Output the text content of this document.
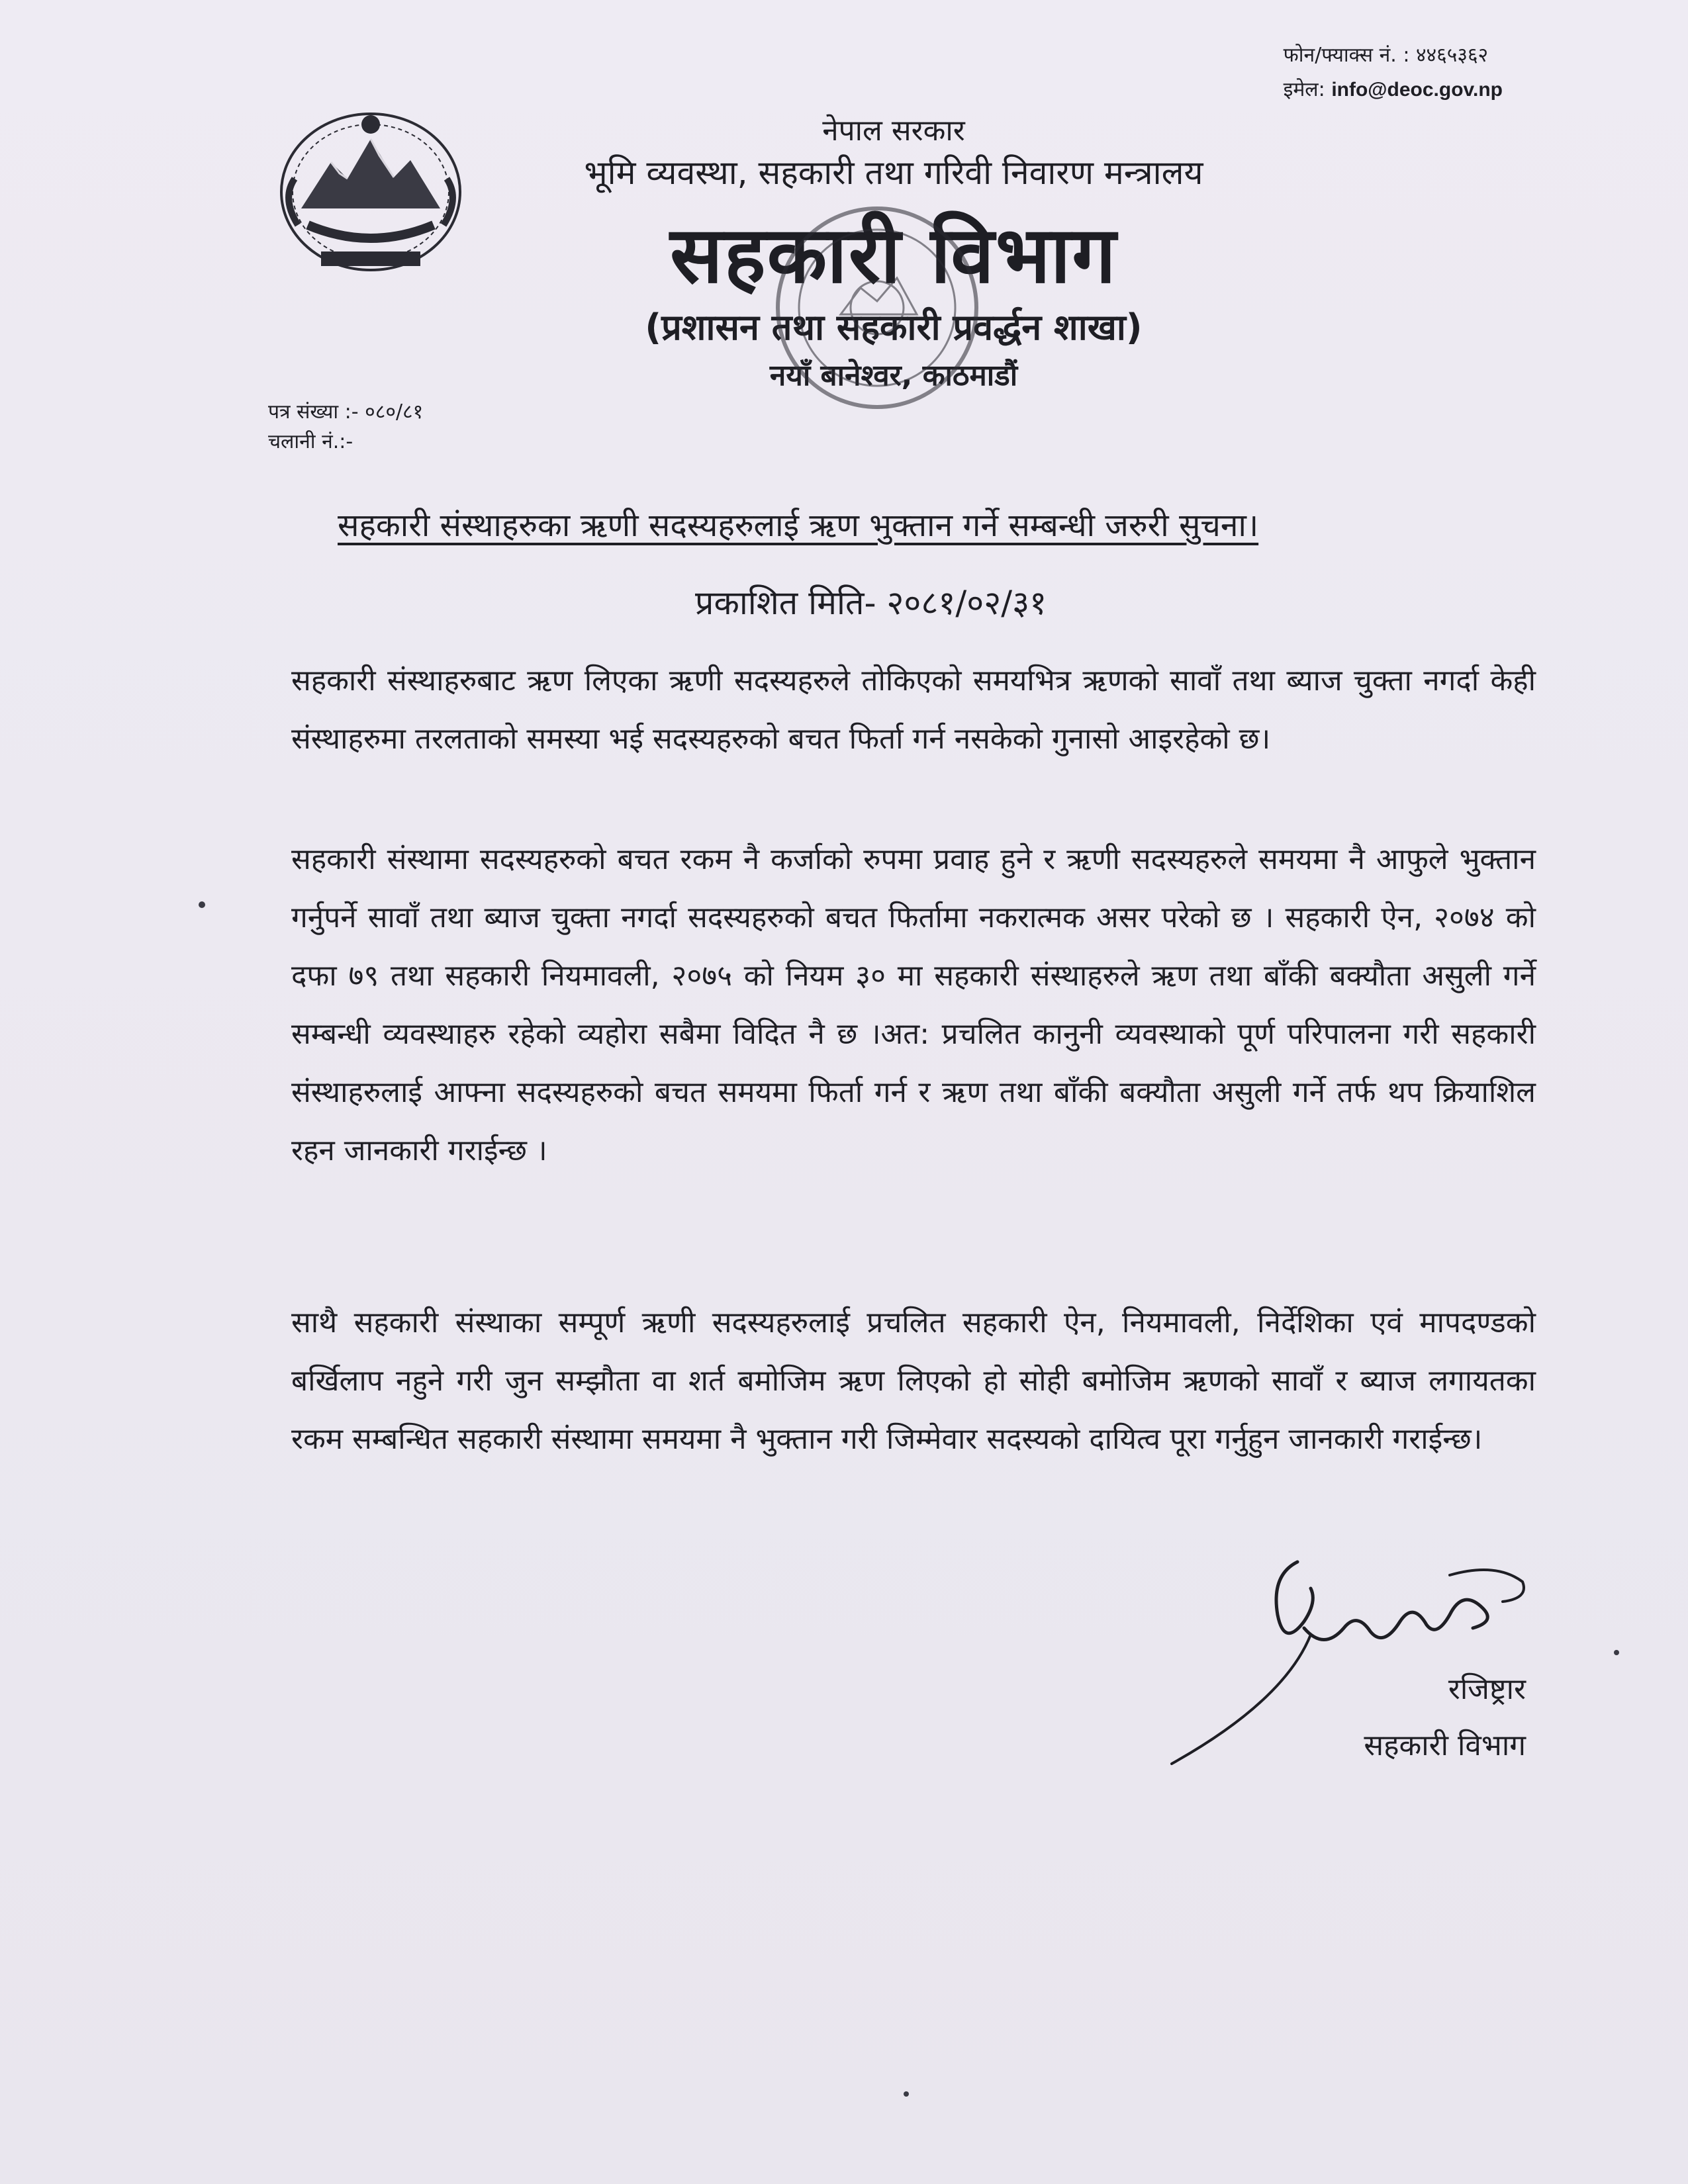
फोन/फ्याक्स नं. : ४४६५३६२
इमेल: info@deoc.gov.np
नेपाल सरकार
भूमि व्यवस्था, सहकारी तथा गरिवी निवारण मन्त्रालय
सहकारी विभाग
(प्रशासन तथा सहकारी प्रवर्द्धन शाखा)
नयाँ बानेश्वर, काठमाडौं
पत्र संख्या :- ०८०/८१
चलानी नं.:-
सहकारी संस्थाहरुका ऋणी सदस्यहरुलाई ऋण भुक्तान गर्ने सम्बन्धी जरुरी सुचना।
प्रकाशित मिति- २०८१/०२/३१
सहकारी संस्थाहरुबाट ऋण लिएका ऋणी सदस्यहरुले तोकिएको समयभित्र ऋणको सावाँ तथा ब्याज चुक्ता नगर्दा केही संस्थाहरुमा तरलताको समस्या भई सदस्यहरुको बचत फिर्ता गर्न नसकेको गुनासो आइरहेको छ।
सहकारी संस्थामा सदस्यहरुको बचत रकम नै कर्जाको रुपमा प्रवाह हुने र ऋणी सदस्यहरुले समयमा नै आफुले भुक्तान गर्नुपर्ने सावाँ तथा ब्याज चुक्ता नगर्दा सदस्यहरुको बचत फिर्तामा नकरात्मक असर परेको छ । सहकारी ऐन, २०७४ को दफा ७९ तथा सहकारी नियमावली, २०७५ को नियम ३० मा सहकारी संस्थाहरुले ऋण तथा बाँकी बक्यौता असुली गर्ने सम्बन्धी व्यवस्थाहरु रहेको व्यहोरा सबैमा विदित नै छ ।अत: प्रचलित कानुनी व्यवस्थाको पूर्ण परिपालना गरी सहकारी संस्थाहरुलाई आफ्ना सदस्यहरुको बचत समयमा फिर्ता गर्न र ऋण तथा बाँकी बक्यौता असुली गर्ने तर्फ थप क्रियाशिल रहन जानकारी गराईन्छ ।
साथै सहकारी संस्थाका सम्पूर्ण ऋणी सदस्यहरुलाई प्रचलित सहकारी ऐन, नियमावली, निर्देशिका एवं मापदण्डको बर्खिलाप नहुने गरी जुन सम्झौता वा शर्त बमोजिम ऋण लिएको हो सोही बमोजिम ऋणको सावाँ र ब्याज लगायतका रकम सम्बन्धित सहकारी संस्थामा समयमा नै भुक्तान गरी जिम्मेवार सदस्यको दायित्व पूरा गर्नुहुन जानकारी गराईन्छ।
रजिष्ट्रार
सहकारी विभाग
